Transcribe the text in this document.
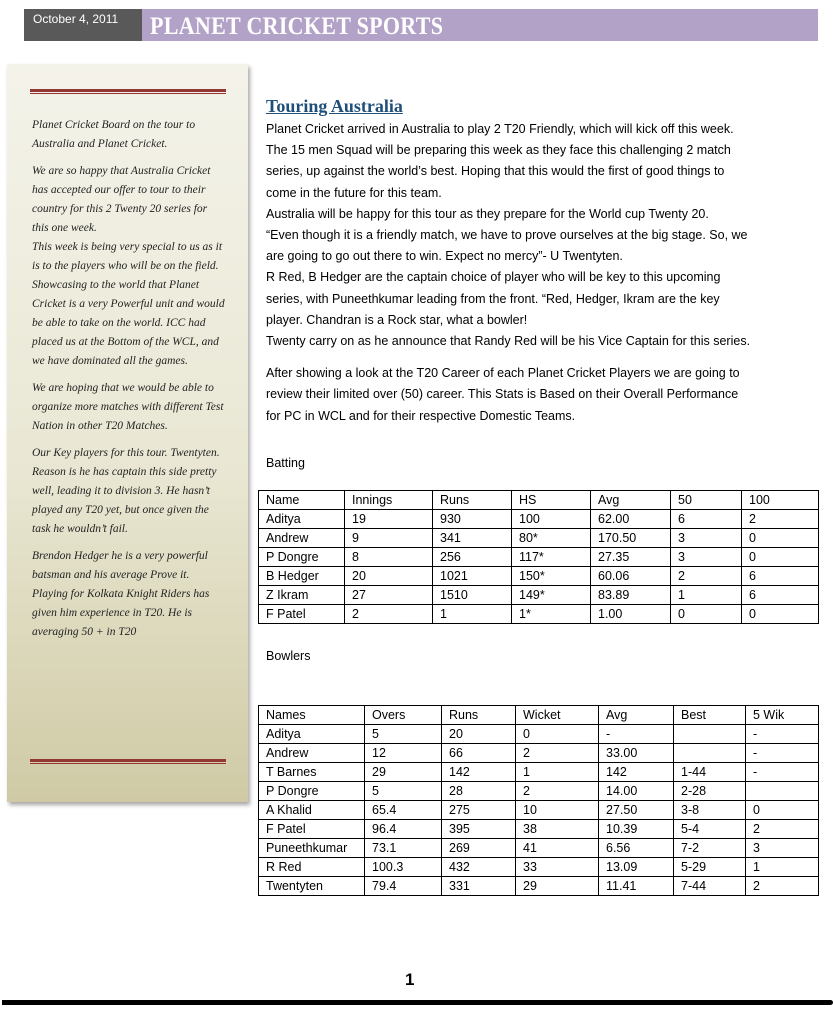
October 4, 2011	PLANET CRICKET SPORTS

Planet Cricket Board on the tour to Australia and Planet Cricket.

We are so happy that Australia Cricket has accepted our offer to tour to their country for this 2 Twenty 20 series for this one week.

This week is being very special to us as it is to the players who will be on the field. Showcasing to the world that Planet Cricket is a very Powerful unit and would be able to take on the world. ICC had placed us at the Bottom of the WCL, and we have dominated all the games.

We are hoping that we would be able to organize more matches with different Test Nation in other T20 Matches.

Our Key players for this tour. Twentyten. Reason is he has captain this side pretty well, leading it to division 3. He hasn’t played any T20 yet, but once given the task he wouldn’t fail.

Brendon Hedger he is a very powerful batsman and his average Prove it. Playing for Kolkata Knight Riders has given him experience in T20. He is averaging 50 + in T20

Touring Australia

Planet Cricket arrived in Australia to play 2 T20 Friendly, which will kick off this week.

The 15 men Squad will be preparing this week as they face this challenging 2 match

series, up against the world’s best. Hoping that this would the first of good things to

come in the future for this team.

Australia will be happy for this tour as they prepare for the World cup Twenty 20.

“Even though it is a friendly match, we have to prove ourselves at the big stage. So, we

are going to go out there to win. Expect no mercy”- U Twentyten.

R Red, B Hedger are the captain choice of player who will be key to this upcoming

series, with Puneethkumar leading from the front. “Red, Hedger, Ikram are the key

player. Chandran is a Rock star, what a bowler!

Twenty carry on as he announce that Randy Red will be his Vice Captain for this series.

After showing a look at the T20 Career of each Planet Cricket Players we are going to

review their limited over (50) career. This Stats is Based on their Overall Performance

for PC in WCL and for their respective Domestic Teams.

Batting
Name	Innings	Runs	HS	Avg	50	100
Aditya	19	930	100	62.00	6	2
Andrew	9	341	80*	170.50	3	0
P Dongre	8	256	117*	27.35	3	0
B Hedger	20	1021	150*	60.06	2	6
Z Ikram	27	1510	149*	83.89	1	6
F Patel	2	1	1*	1.00	0	0
Bowlers
Names	Overs	Runs	Wicket	Avg	Best	5 Wik
Aditya	5	20	0	-		-
Andrew	12	66	2	33.00		-
T Barnes	29	142	1	142	1-44	-
P Dongre	5	28	2	14.00	2-28	
A Khalid	65.4	275	10	27.50	3-8	0
F Patel	96.4	395	38	10.39	5-4	2
Puneethkumar	73.1	269	41	6.56	7-2	3
R Red	100.3	432	33	13.09	5-29	1
Twentyten	79.4	331	29	11.41	7-44	2
1
